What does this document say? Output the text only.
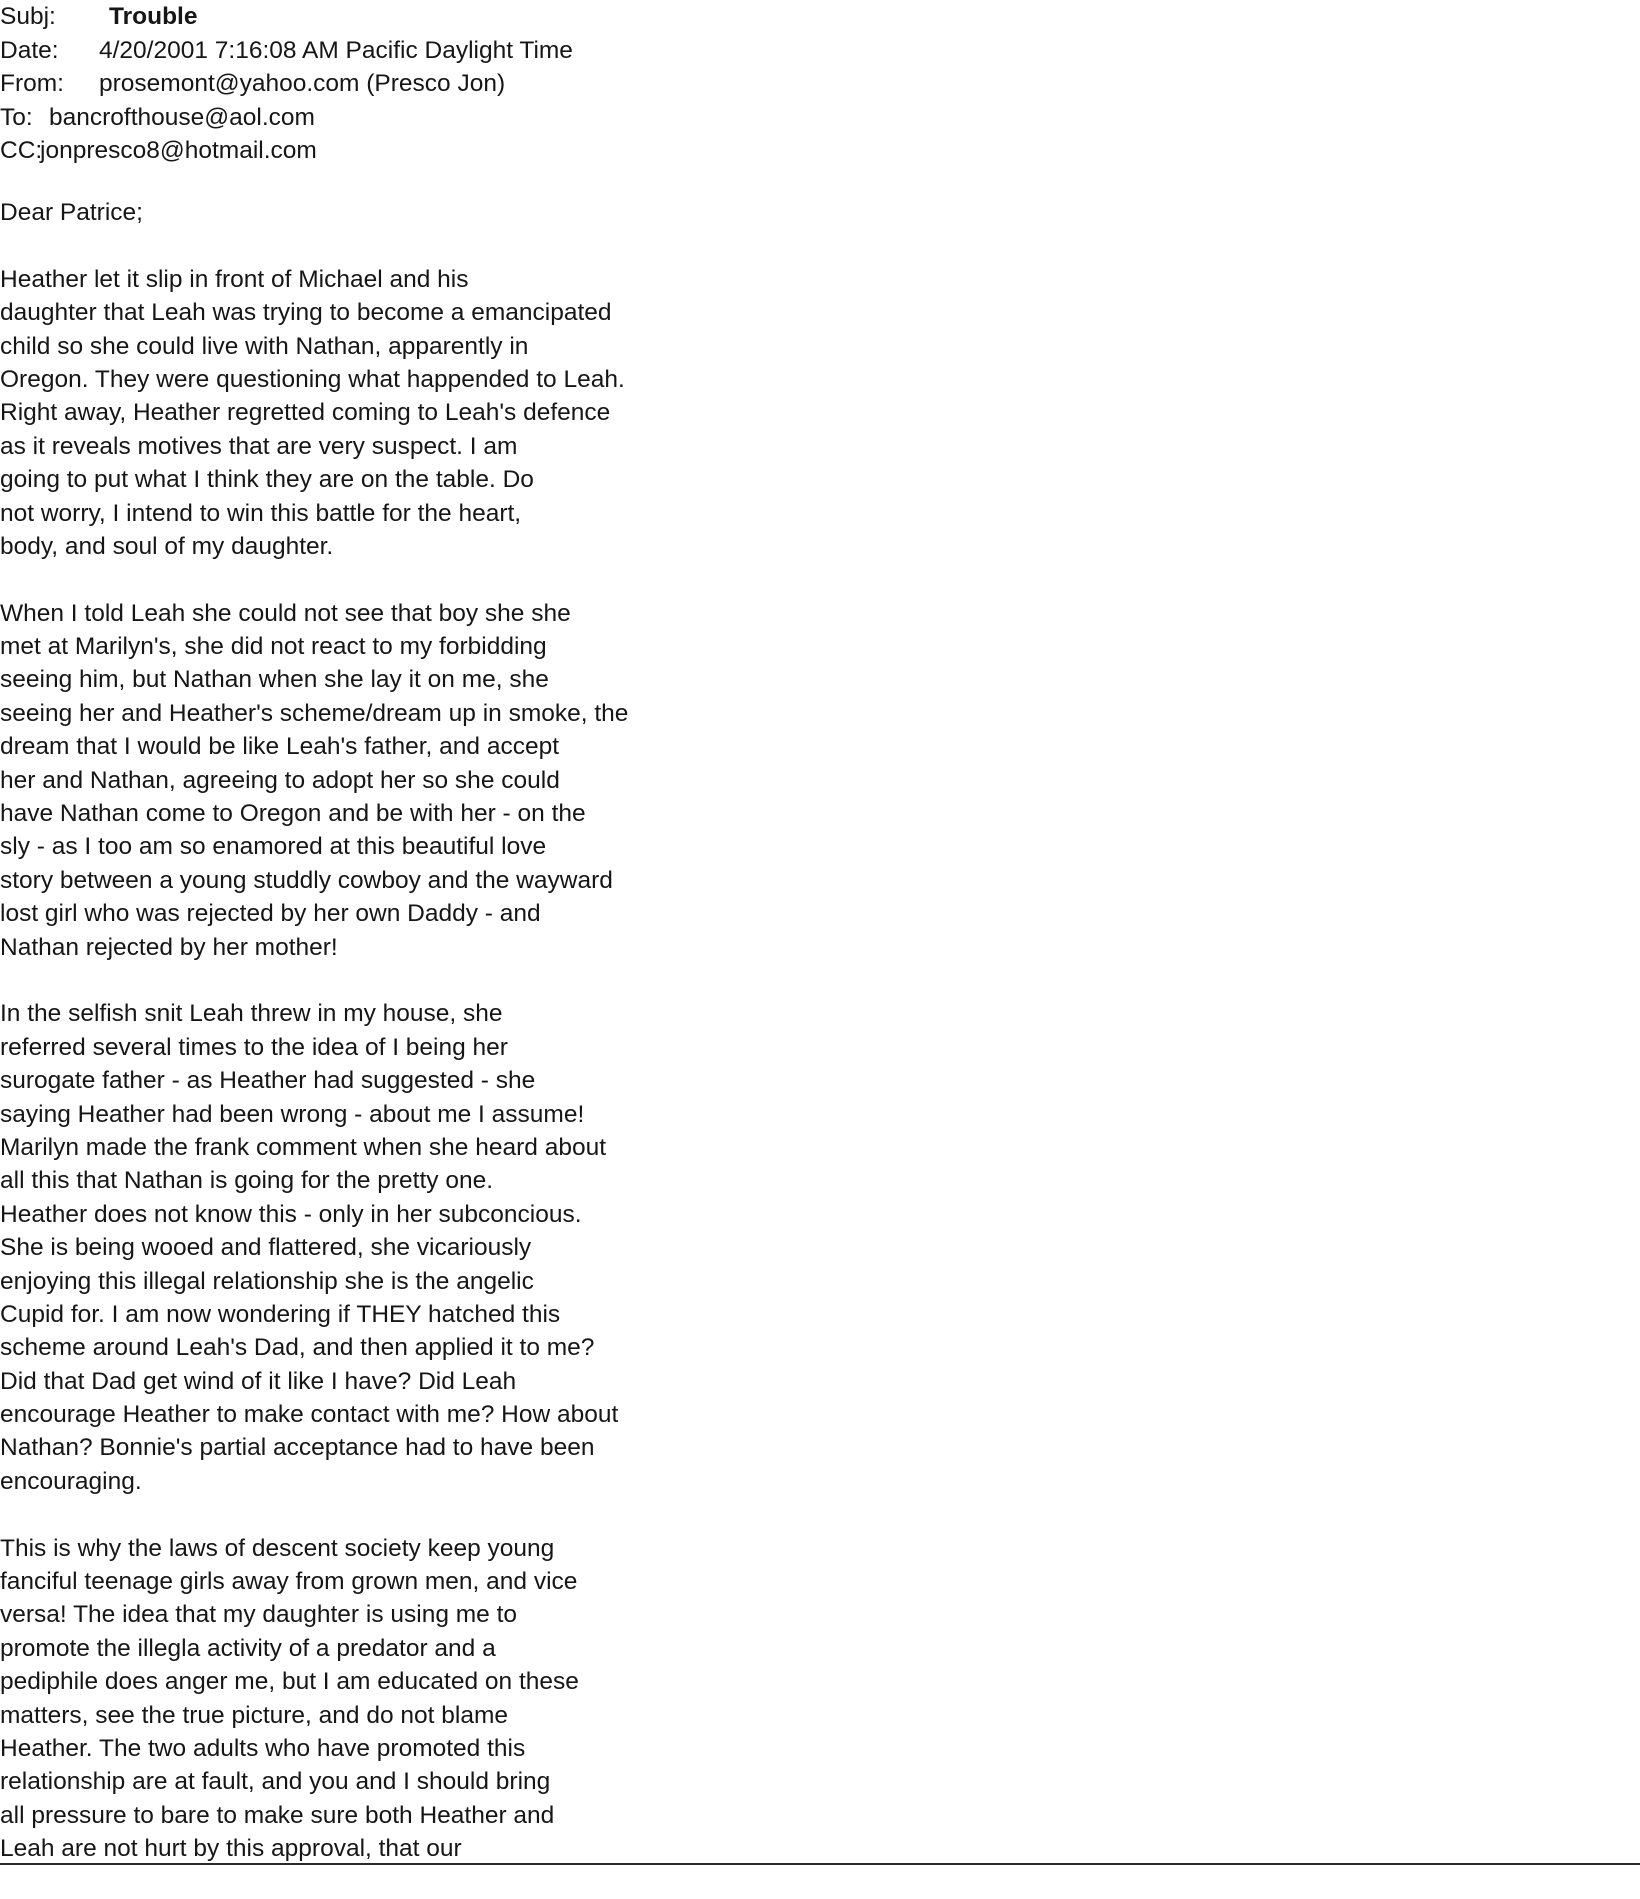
Subj: Trouble
Date: 4/20/2001 7:16:08 AM Pacific Daylight Time
From: prosemont@yahoo.com (Presco Jon)
To: bancrofthouse@aol.com
CC:jonpresco8@hotmail.com
Dear Patrice;
Heather let it slip in front of Michael and his
daughter that Leah was trying to become a emancipated
child so she could live with Nathan, apparently in
Oregon. They were questioning what happended to Leah.
Right away, Heather regretted coming to Leah's defence
as it reveals motives that are very suspect. I am
going to put what I think they are on the table. Do
not worry, I intend to win this battle for the heart,
body, and soul of my daughter.
When I told Leah she could not see that boy she she
met at Marilyn's, she did not react to my forbidding
seeing him, but Nathan when she lay it on me, she
seeing her and Heather's scheme/dream up in smoke, the
dream that I would be like Leah's father, and accept
her and Nathan, agreeing to adopt her so she could
have Nathan come to Oregon and be with her - on the
sly - as I too am so enamored at this beautiful love
story between a young studdly cowboy and the wayward
lost girl who was rejected by her own Daddy - and
Nathan rejected by her mother!
In the selfish snit Leah threw in my house, she
referred several times to the idea of I being her
surogate father - as Heather had suggested - she
saying Heather had been wrong - about me I assume!
Marilyn made the frank comment when she heard about
all this that Nathan is going for the pretty one.
Heather does not know this - only in her subconcious.
She is being wooed and flattered, she vicariously
enjoying this illegal relationship she is the angelic
Cupid for. I am now wondering if THEY hatched this
scheme around Leah's Dad, and then applied it to me?
Did that Dad get wind of it like I have? Did Leah
encourage Heather to make contact with me? How about
Nathan? Bonnie's partial acceptance had to have been
encouraging.
This is why the laws of descent society keep young
fanciful teenage girls away from grown men, and vice
versa! The idea that my daughter is using me to
promote the illegla activity of a predator and a
pediphile does anger me, but I am educated on these
matters, see the true picture, and do not blame
Heather. The two adults who have promoted this
relationship are at fault, and you and I should bring
all pressure to bare to make sure both Heather and
Leah are not hurt by this approval, that our
